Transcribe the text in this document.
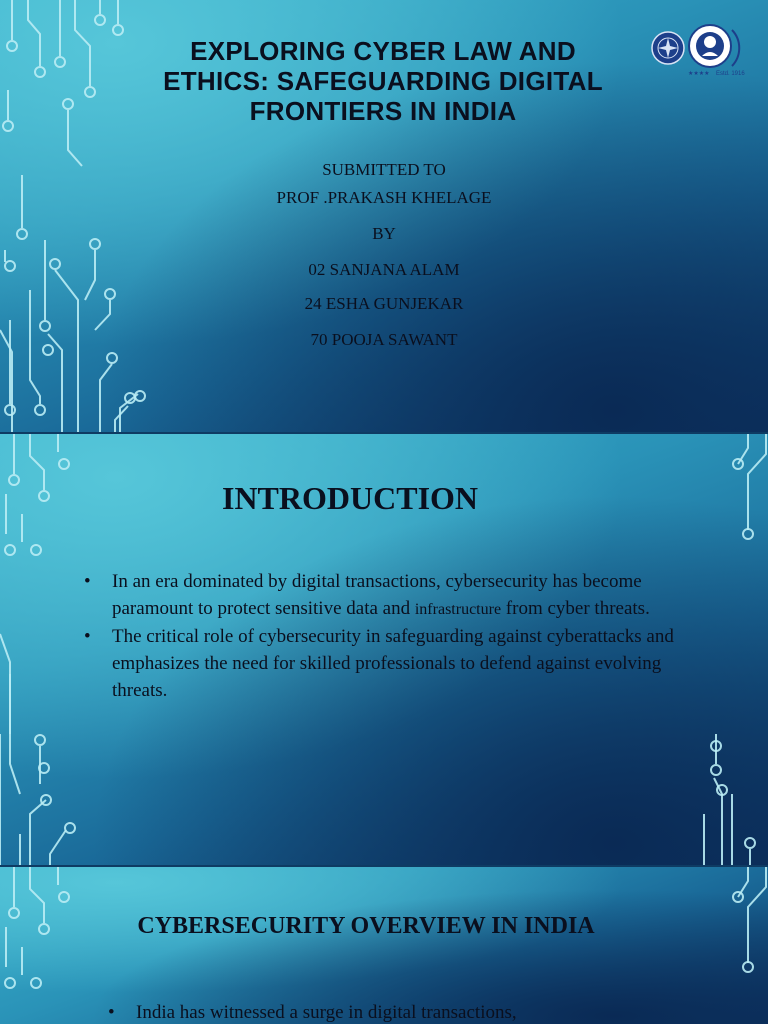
EXPLORING CYBER LAW AND
ETHICS: SAFEGUARDING DIGITAL
FRONTIERS IN INDIA
★★★★ Estd. 1916
SUBMITTED TO
PROF .PRAKASH KHELAGE
BY
02 SANJANA ALAM
24 ESHA GUNJEKAR
70 POOJA SAWANT
INTRODUCTION
• In an era dominated by digital transactions, cybersecurity has become paramount to protect sensitive data and infrastructure from cyber threats.
• The critical role of cybersecurity in safeguarding against cyberattacks and emphasizes the need for skilled professionals to defend against evolving threats.
CYBERSECURITY OVERVIEW IN INDIA
• India has witnessed a surge in digital transactions,
